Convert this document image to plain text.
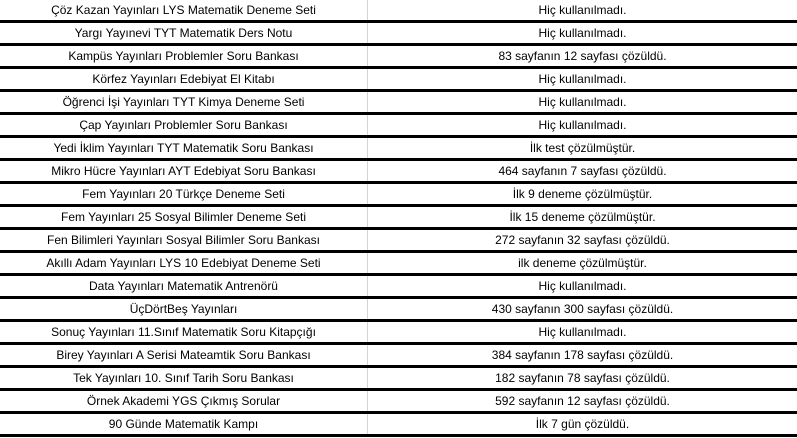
Çöz Kazan Yayınları LYS Matematik Deneme Seti	Hiç kullanılmadı.
Yargı Yayınevi TYT Matematik Ders Notu	Hiç kullanılmadı.
Kampüs Yayınları Problemler Soru Bankası	83 sayfanın 12 sayfası çözüldü.
Körfez Yayınları Edebiyat El Kitabı	Hiç kullanılmadı.
Öğrenci İşi Yayınları TYT Kimya Deneme Seti	Hiç kullanılmadı.
Çap Yayınları Problemler Soru Bankası	Hiç kullanılmadı.
Yedi İklim Yayınları TYT Matematik Soru Bankası	İlk test çözülmüştür.
Mikro Hücre Yayınları AYT Edebiyat Soru Bankası	464 sayfanın 7 sayfası çözüldü.
Fem Yayınları 20 Türkçe Deneme Seti	İlk 9 deneme çözülmüştür.
Fem Yayınları 25 Sosyal Bilimler Deneme Seti	İlk 15 deneme çözülmüştür.
Fen Bilimleri Yayınları Sosyal Bilimler Soru Bankası	272 sayfanın 32 sayfası çözüldü.
Akıllı Adam Yayınları LYS 10 Edebiyat Deneme Seti	ilk deneme çözülmüştür.
Data Yayınları Matematik Antrenörü	Hiç kullanılmadı.
ÜçDörtBeş Yayınları	430 sayfanın 300 sayfası çözüldü.
Sonuç Yayınları 11.Sınıf Matematik Soru Kitapçığı	Hiç kullanılmadı.
Birey Yayınları A Serisi Mateamtik Soru Bankası	384 sayfanın 178 sayfası çözüldü.
Tek Yayınları 10. Sınıf Tarih Soru Bankası	182 sayfanın 78 sayfası çözüldü.
Örnek Akademi YGS Çıkmış Sorular	592 sayfanın 12 sayfası çözüldü.
90 Günde Matematik Kampı	İlk 7 gün çözüldü.
